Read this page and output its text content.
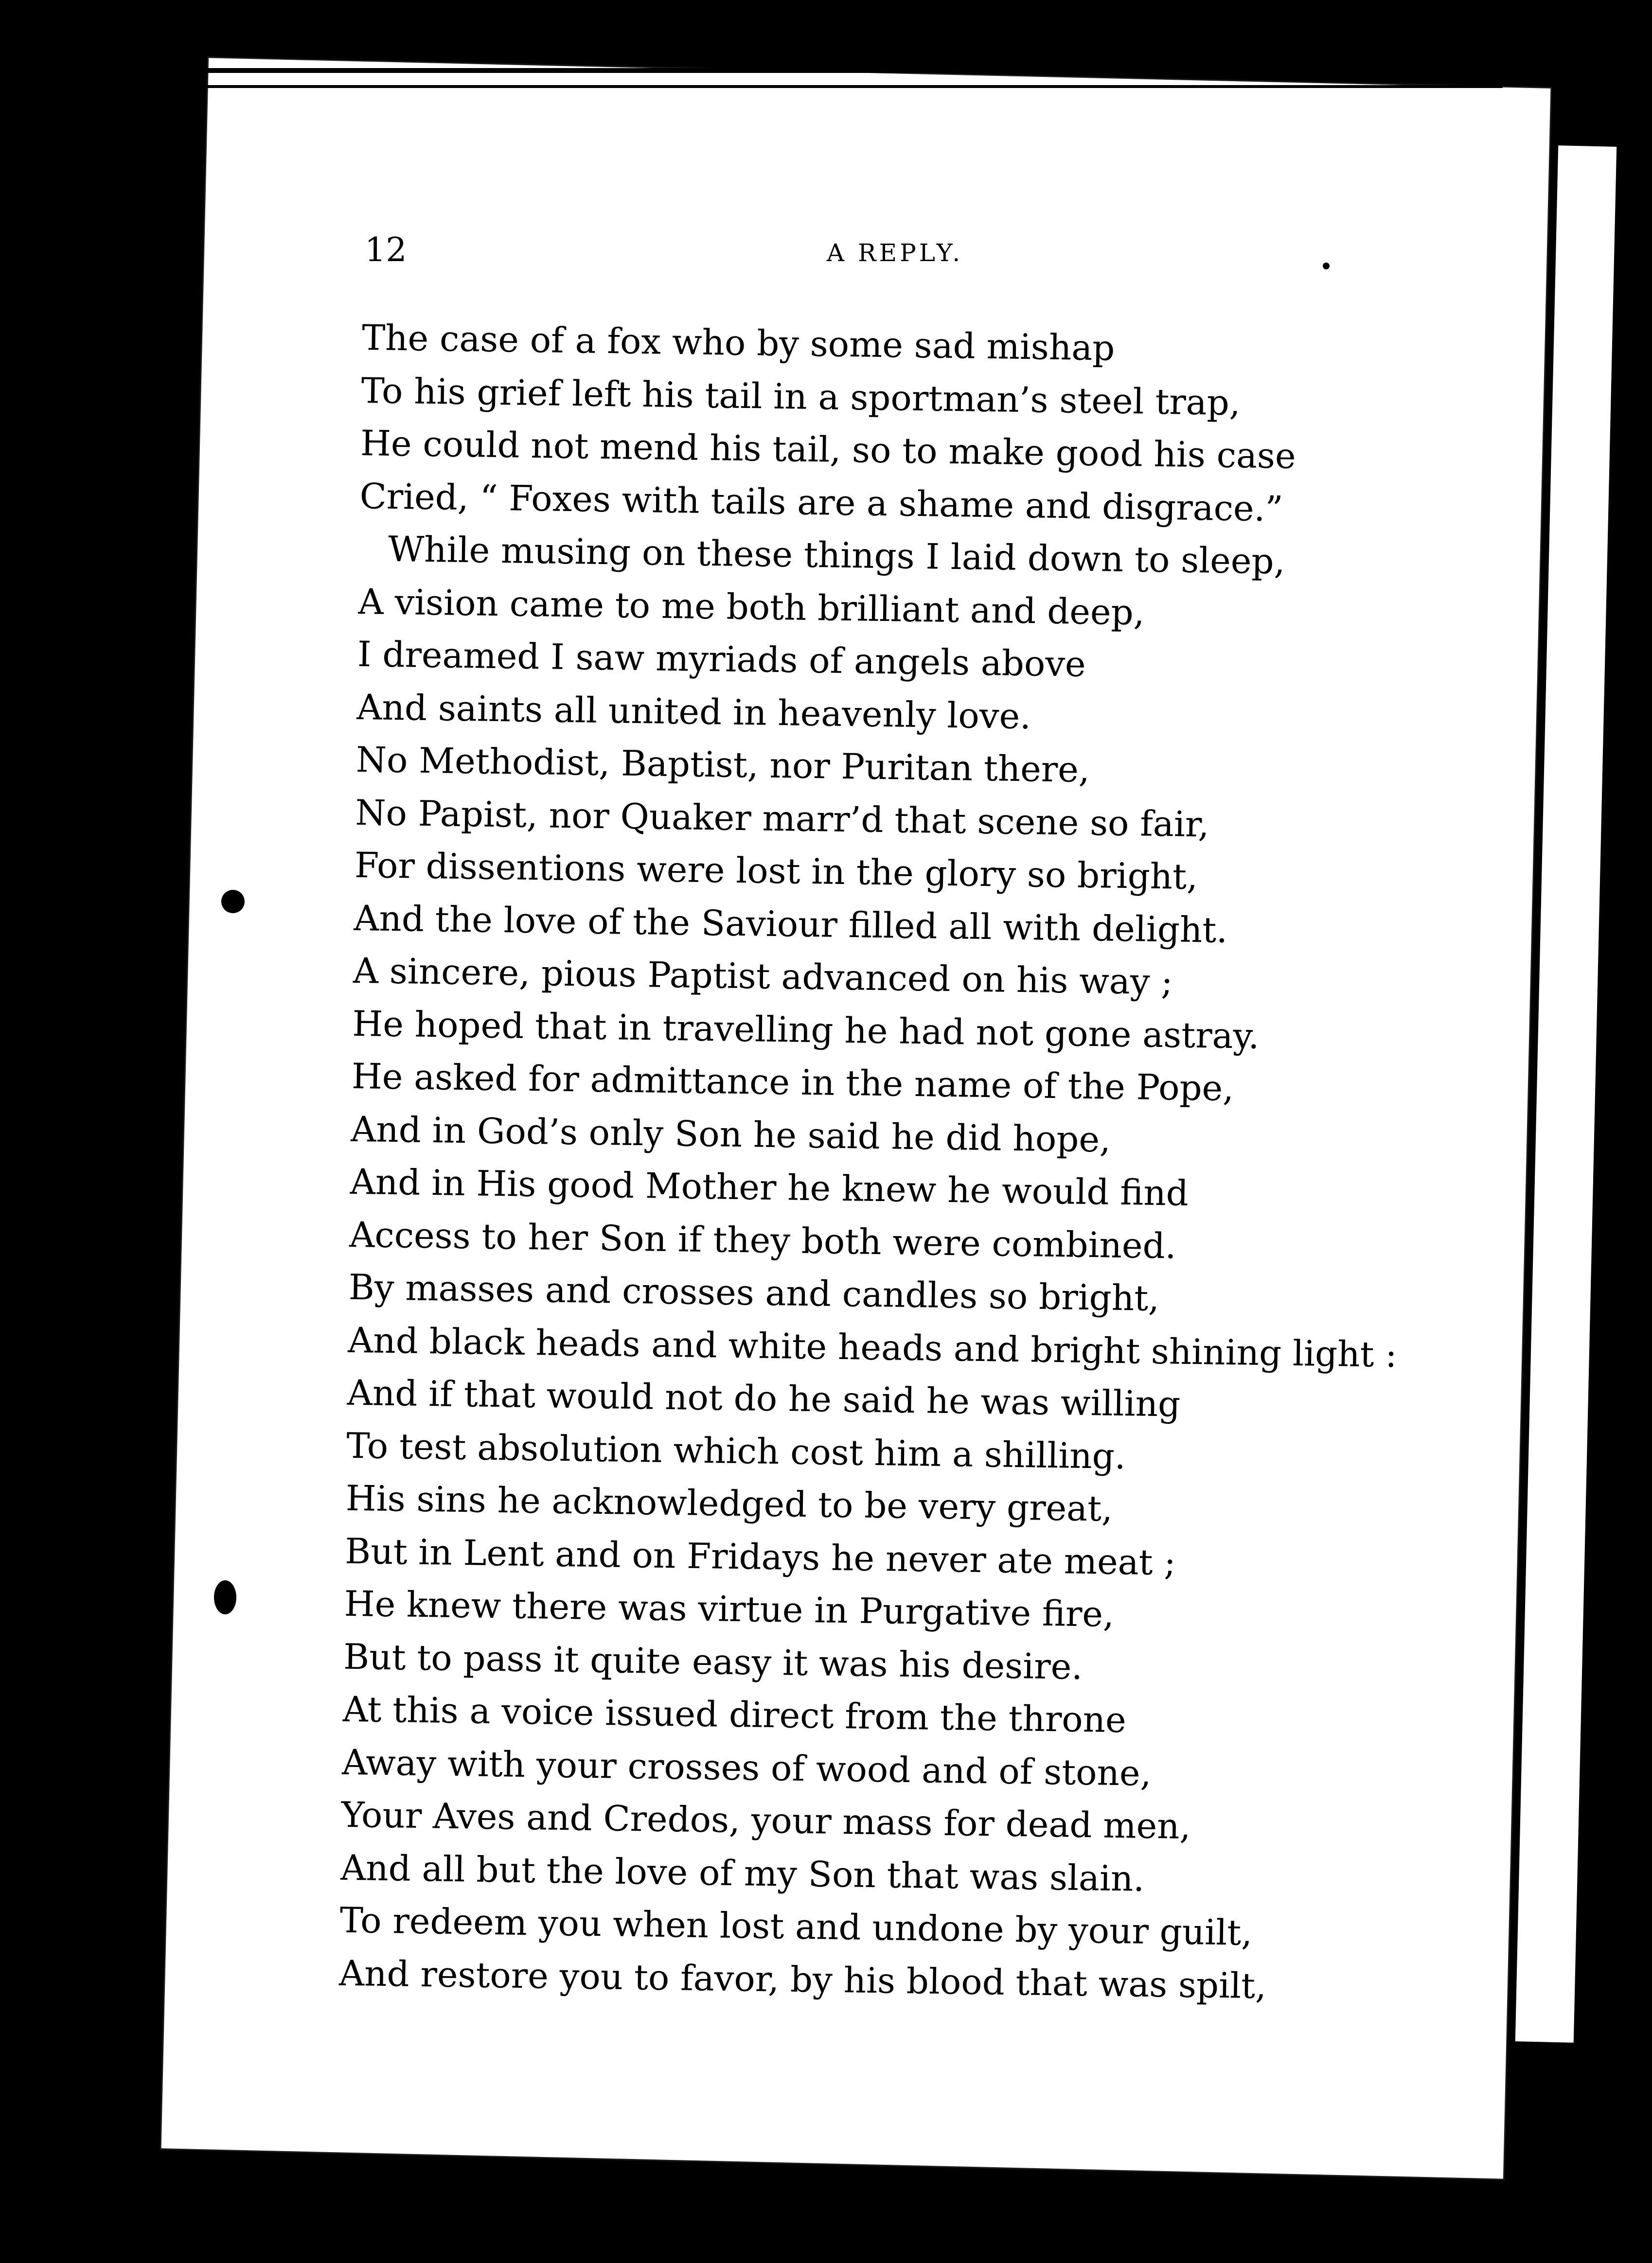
12	A REPLY.
The case of a fox who by some sad mishap
To his grief left his tail in a sportman’s steel trap,
He could not mend his tail, so to make good his case
Cried, “ Foxes with tails are a shame and disgrace.”
While musing on these things I laid down to sleep,
A vision came to me both brilliant and deep,
I dreamed I saw myriads of angels above
And saints all united in heavenly love.
No Methodist, Baptist, nor Puritan there,
No Papist, nor Quaker marr’d that scene so fair,
For dissentions were lost in the glory so bright,
And the love of the Saviour filled all with delight.
A sincere, pious Paptist advanced on his way ;
He hoped that in travelling he had not gone astray.
He asked for admittance in the name of the Pope,
And in God’s only Son he said he did hope,
And in His good Mother he knew he would find
Access to her Son if they both were combined.
By masses and crosses and candles so bright,
And black heads and white heads and bright shining light :
And if that would not do he said he was willing
To test absolution which cost him a shilling.
His sins he acknowledged to be very great,
But in Lent and on Fridays he never ate meat ;
He knew there was virtue in Purgative fire,
But to pass it quite easy it was his desire.
At this a voice issued direct from the throne
Away with your crosses of wood and of stone,
Your Aves and Credos, your mass for dead men,
And all but the love of my Son that was slain.
To redeem you when lost and undone by your guilt,
And restore you to favor, by his blood that was spilt,
